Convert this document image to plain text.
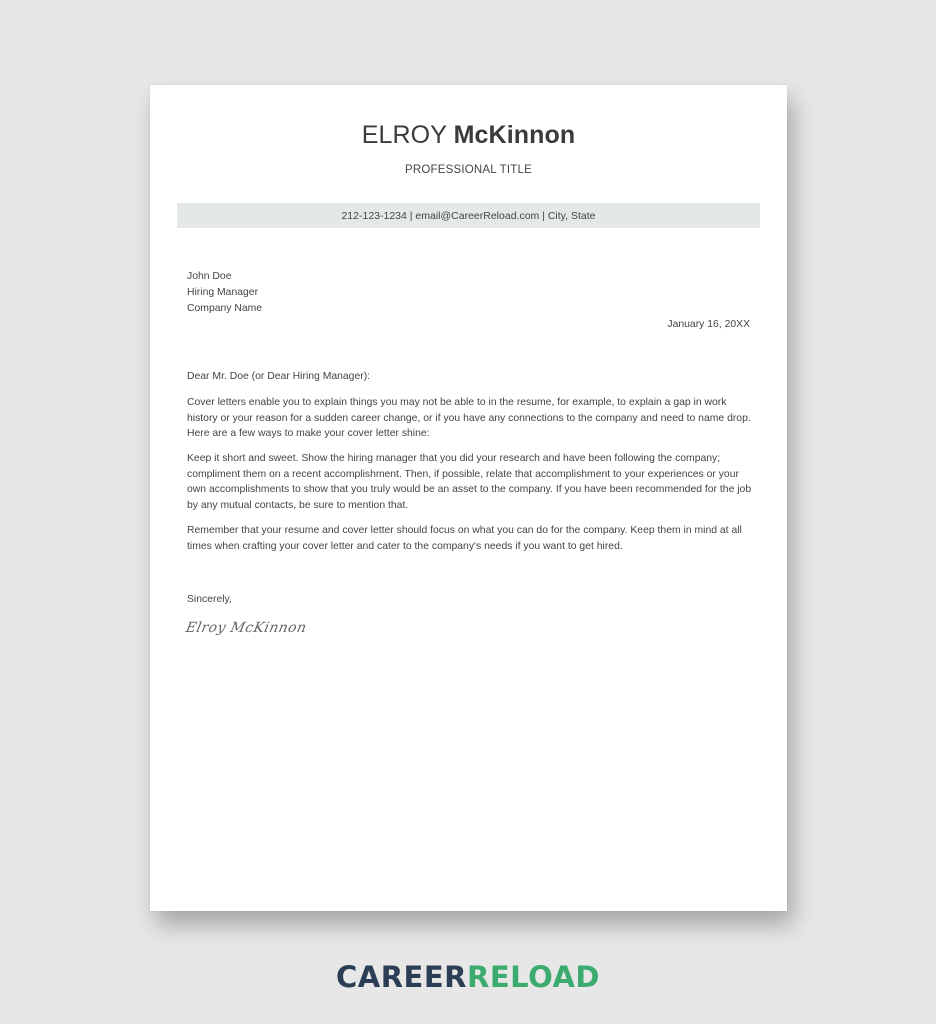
ELROY McKinnon
PROFESSIONAL TITLE
212-123-1234 | email@CareerReload.com | City, State
John Doe
Hiring Manager
Company Name
January 16, 20XX
Dear Mr. Doe (or Dear Hiring Manager):

Cover letters enable you to explain things you may not be able to in the resume, for example, to explain a gap in work history or your reason for a sudden career change, or if you have any connections to the company and need to name drop. Here are a few ways to make your cover letter shine:

Keep it short and sweet. Show the hiring manager that you did your research and have been following the company; compliment them on a recent accomplishment. Then, if possible, relate that accomplishment to your experiences or your own accomplishments to show that you truly would be an asset to the company. If you have been recommended for the job by any mutual contacts, be sure to mention that.

Remember that your resume and cover letter should focus on what you can do for the company. Keep them in mind at all times when crafting your cover letter and cater to the company's needs if you want to get hired.

Sincerely,
Elroy McKinnon
CAREERRELOAD
